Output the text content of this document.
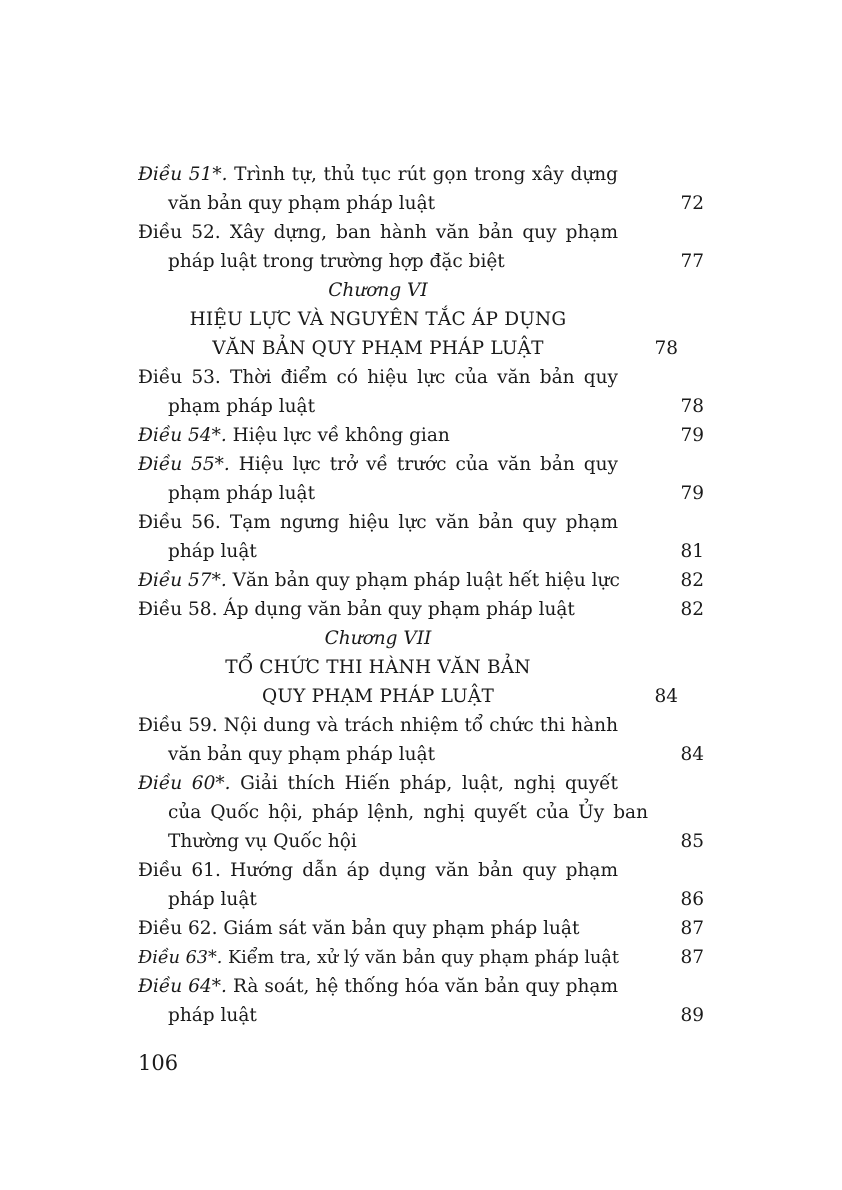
Điều 51*. Trình tự, thủ tục rút gọn trong xây dựng
văn bản quy phạm pháp luật	72
Điều 52. Xây dựng, ban hành văn bản quy phạm
pháp luật trong trường hợp đặc biệt	77
Chương VI
HIỆU LỰC VÀ NGUYÊN TẮC ÁP DỤNG
VĂN BẢN QUY PHẠM PHÁP LUẬT	78
Điều 53. Thời điểm có hiệu lực của văn bản quy
phạm pháp luật	78
Điều 54*. Hiệu lực về không gian	79
Điều 55*. Hiệu lực trở về trước của văn bản quy
phạm pháp luật	79
Điều 56. Tạm ngưng hiệu lực văn bản quy phạm
pháp luật	81
Điều 57*. Văn bản quy phạm pháp luật hết hiệu lực	82
Điều 58. Áp dụng văn bản quy phạm pháp luật	82
Chương VII
TỔ CHỨC THI HÀNH VĂN BẢN
QUY PHẠM PHÁP LUẬT	84
Điều 59. Nội dung và trách nhiệm tổ chức thi hành
văn bản quy phạm pháp luật	84
Điều 60*. Giải thích Hiến pháp, luật, nghị quyết
của Quốc hội, pháp lệnh, nghị quyết của Ủy ban
Thường vụ Quốc hội	85
Điều 61. Hướng dẫn áp dụng văn bản quy phạm
pháp luật	86
Điều 62. Giám sát văn bản quy phạm pháp luật	87
Điều 63*. Kiểm tra, xử lý văn bản quy phạm pháp luật	87
Điều 64*. Rà soát, hệ thống hóa văn bản quy phạm
pháp luật	89
106
